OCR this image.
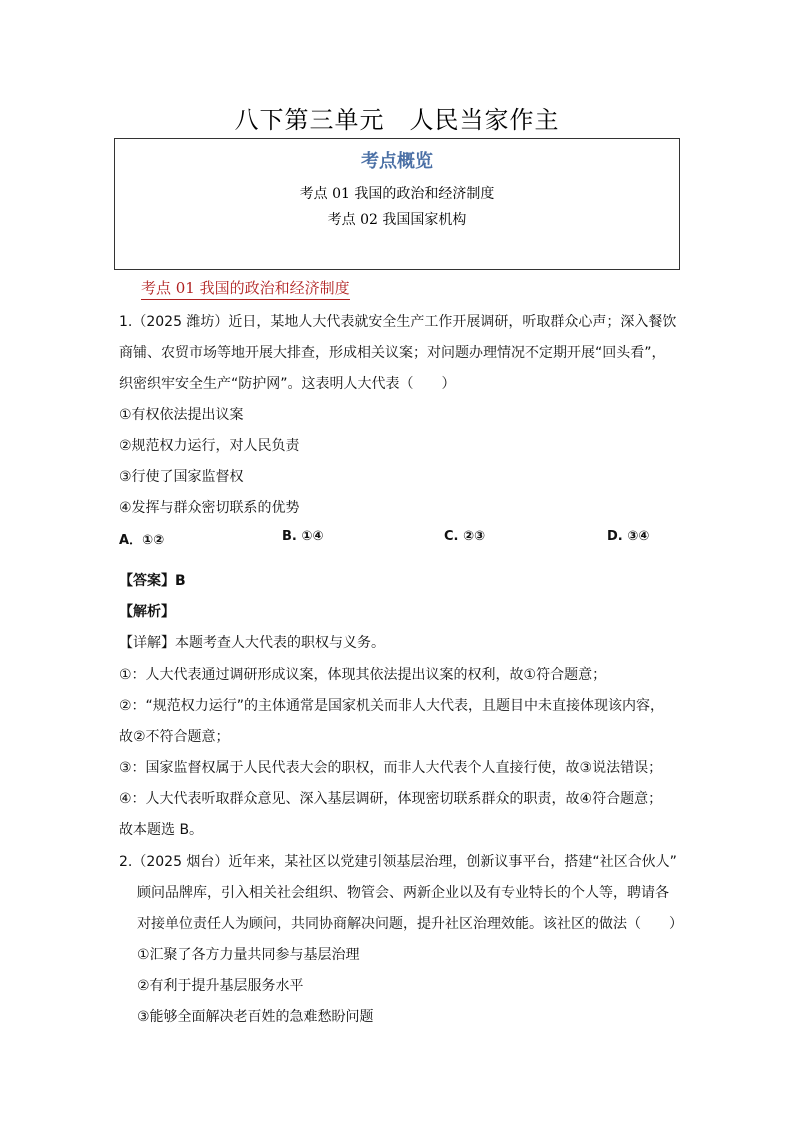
八下第三单元　人民当家作主
考点概览
考点 01 我国的政治和经济制度
考点 02 我国国家机构
考点 01 我国的政治和经济制度
1.（2025 潍坊）近日，某地人大代表就安全生产工作开展调研，听取群众心声；深入餐饮
商铺、农贸市场等地开展大排查，形成相关议案；对问题办理情况不定期开展“回头看”，
织密织牢安全生产“防护网”。这表明人大代表（　　）
①有权依法提出议案
②规范权力运行，对人民负责
③行使了国家监督权
④发挥与群众密切联系的优势
A．①②	B. ①④	C. ②③	D. ③④
【答案】B
【解析】
【详解】本题考查人大代表的职权与义务。
①：人大代表通过调研形成议案，体现其依法提出议案的权利，故①符合题意；
②：“规范权力运行”的主体通常是国家机关而非人大代表，且题目中未直接体现该内容，
故②不符合题意；
③：国家监督权属于人民代表大会的职权，而非人大代表个人直接行使，故③说法错误；
④：人大代表听取群众意见、深入基层调研，体现密切联系群众的职责，故④符合题意；
故本题选 B。
2.（2025 烟台）近年来，某社区以党建引领基层治理，创新议事平台，搭建“社区合伙人”
顾问品牌库，引入相关社会组织、物管会、两新企业以及有专业特长的个人等，聘请各
对接单位责任人为顾问，共同协商解决问题，提升社区治理效能。该社区的做法（　　）
①汇聚了各方力量共同参与基层治理
②有利于提升基层服务水平
③能够全面解决老百姓的急难愁盼问题
